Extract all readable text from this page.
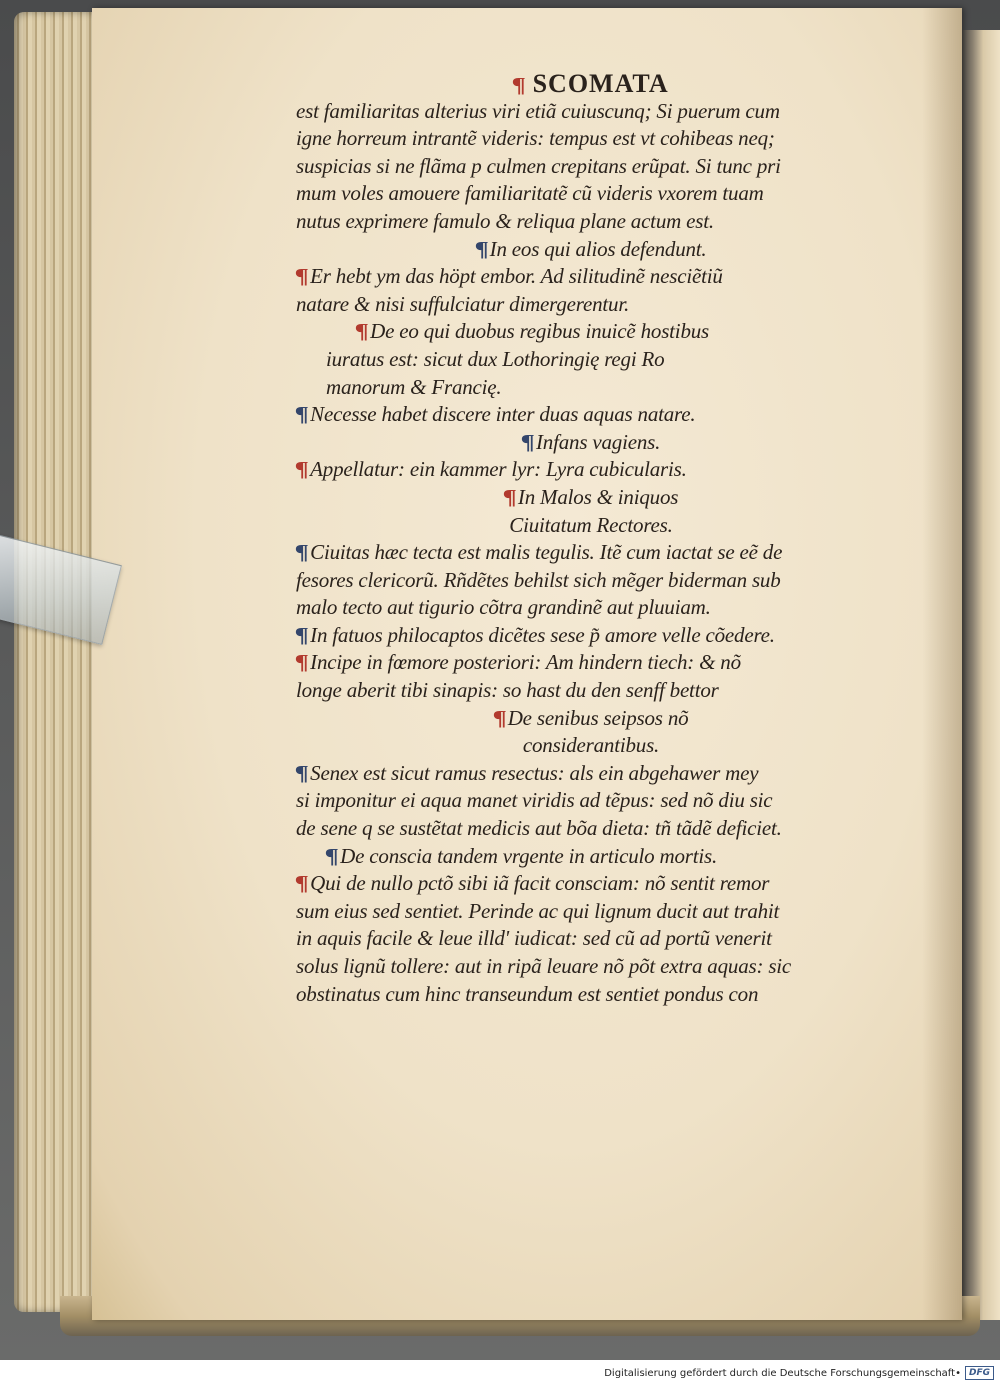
¶ SCOMATA
est familiaritas alterius viri etiã cuiuscunq; Si puerum cum
igne horreum intrantẽ videris: tempus est vt cohibeas neq;
suspicias si ne flãma p culmen crepitans erũpat. Si tunc pri
mum voles amouere familiaritatẽ cũ videris vxorem tuam
nutus exprimere famulo & reliqua plane actum est.
¶In eos qui alios defendunt.
¶Er hebt ym das höpt embor. Ad silitudinẽ nesciẽtiũ
natare & nisi suffulciatur dimergerentur.
¶De eo qui duobus regibus inuicẽ hostibus
iuratus est: sicut dux Lothoringię regi Ro
manorum & Francię.
¶Necesse habet discere inter duas aquas natare.
¶Infans vagiens.
¶Appellatur: ein kammer lyr: Lyra cubicularis.
¶In Malos & iniquos
Ciuitatum Rectores.
¶Ciuitas hæc tecta est malis tegulis. Itẽ cum iactat se eẽ de
fesores clericorũ. Rñdẽtes behilst sich mẽger biderman sub
malo tecto aut tigurio cõtra grandinẽ aut pluuiam.
¶In fatuos philocaptos dicẽtes sese p̃ amore velle cõedere.
¶Incipe in fœmore posteriori: Am hindern tiech: & nõ
longe aberit tibi sinapis: so hast du den senff bettor
¶De senibus seipsos nõ
considerantibus.
¶Senex est sicut ramus resectus: als ein abgehawer mey
si imponitur ei aqua manet viridis ad tẽpus: sed nõ diu sic
de sene q se sustẽtat medicis aut bõa dieta: tñ tãdẽ deficiet.
¶De conscia tandem vrgente in articulo mortis.
¶Qui de nullo pctõ sibi iã facit consciam: nõ sentit remor
sum eius sed sentiet. Perinde ac qui lignum ducit aut trahit
in aquis facile & leue illd' iudicat: sed cũ ad portũ venerit
solus lignũ tollere: aut in ripã leuare nõ põt extra aquas: sic
obstinatus cum hinc transeundum est sentiet pondus con
Digitalisierung gefördert durch die Deutsche Forschungsgemeinschaft • DFG
